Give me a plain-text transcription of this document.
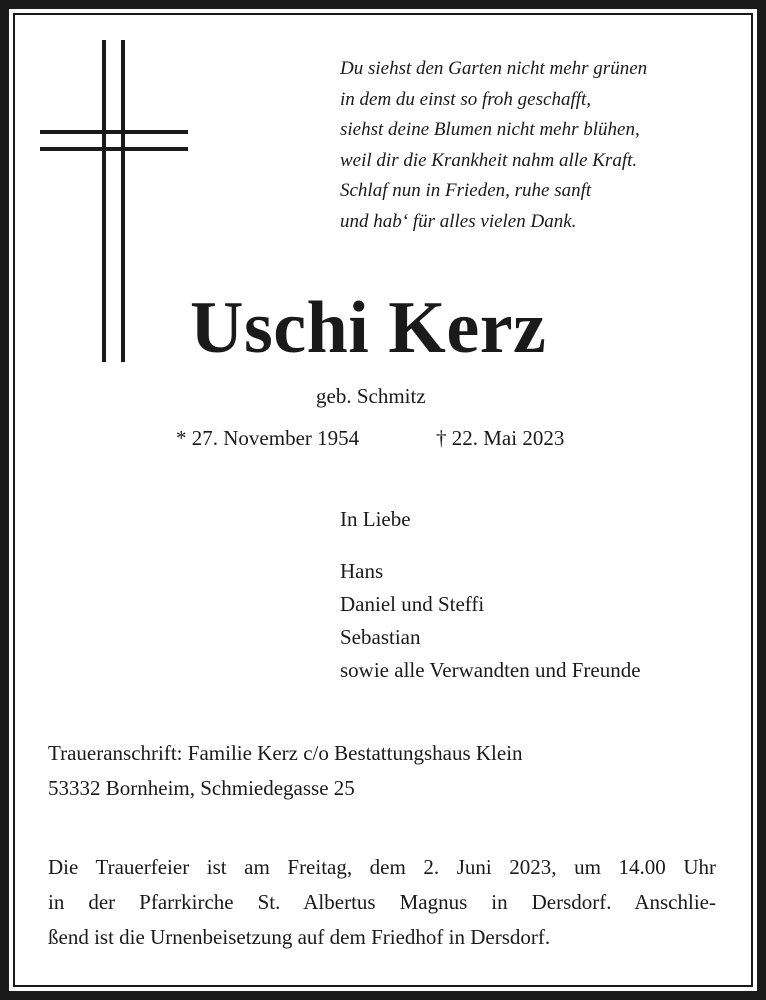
Du siehst den Garten nicht mehr grünen
in dem du einst so froh geschafft,
siehst deine Blumen nicht mehr blühen,
weil dir die Krankheit nahm alle Kraft.
Schlaf nun in Frieden, ruhe sanft
und hab‘ für alles vielen Dank.
Uschi Kerz
geb. Schmitz
* 27. November 1954	† 22. Mai 2023
In Liebe
Hans
Daniel und Steffi
Sebastian
sowie alle Verwandten und Freunde
Traueranschrift: Familie Kerz c/o Bestattungshaus Klein
53332 Bornheim, Schmiedegasse 25
Die Trauerfeier ist am Freitag, dem 2. Juni 2023, um 14.00 Uhr
in der Pfarrkirche St. Albertus Magnus in Dersdorf. Anschlie-
ßend ist die Urnenbeisetzung auf dem Friedhof in Dersdorf.
